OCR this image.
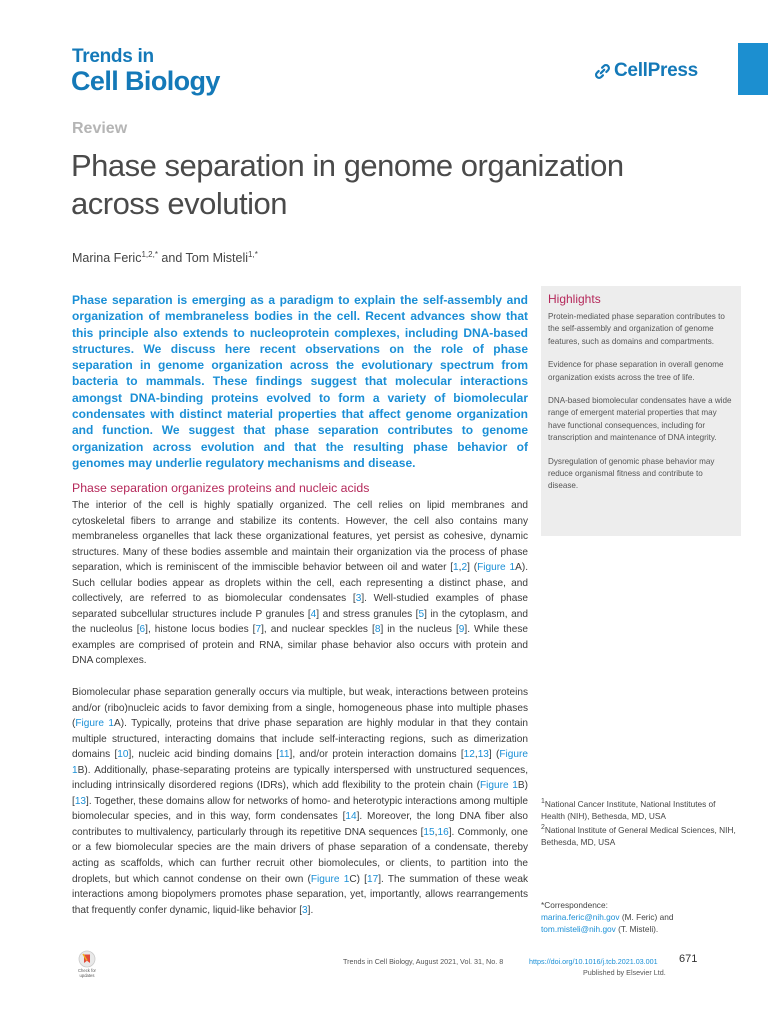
Trends in
Cell Biology	CellPress
Review
Phase separation in genome organization across evolution
Marina Feric$^{1,2,*}$ and Tom Misteli$^{1,*}$

Phase separation is emerging as a paradigm to explain the self-assembly and organization of membraneless bodies in the cell. Recent advances show that this principle also extends to nucleoprotein complexes, including DNA-based structures. We discuss here recent observations on the role of phase separation in genome organization across the evolutionary spectrum from bacteria to mammals. These findings suggest that molecular interactions amongst DNA-binding proteins evolved to form a variety of biomolecular condensates with distinct material properties that affect genome organization and function. We suggest that phase separation contributes to genome organization across evolution and that the resulting phase behavior of genomes may underlie regulatory mechanisms and disease.

Phase separation organizes proteins and nucleic acids

The interior of the cell is highly spatially organized. The cell relies on lipid membranes and cytoskeletal fibers to arrange and stabilize its contents. However, the cell also contains many membraneless organelles that lack these organizational features, yet persist as cohesive, dynamic structures. Many of these bodies assemble and maintain their organization via the process of phase separation, which is reminiscent of the immiscible behavior between oil and water [1,2] (Figure 1A). Such cellular bodies appear as droplets within the cell, each representing a distinct phase, and collectively, are referred to as biomolecular condensates [3]. Well-studied examples of phase separated subcellular structures include P granules [4] and stress granules [5] in the cytoplasm, and the nucleolus [6], histone locus bodies [7], and nuclear speckles [8] in the nucleus [9]. While these examples are comprised of protein and RNA, similar phase behavior also occurs with protein and DNA complexes.

Biomolecular phase separation generally occurs via multiple, but weak, interactions between proteins and/or (ribo)nucleic acids to favor demixing from a single, homogeneous phase into multiple phases (Figure 1A). Typically, proteins that drive phase separation are highly modular in that they contain multiple structured, interacting domains that include self-interacting regions, such as dimerization domains [10], nucleic acid binding domains [11], and/or protein interaction domains [12,13] (Figure 1B). Additionally, phase-separating proteins are typically interspersed with unstructured sequences, including intrinsically disordered regions (IDRs), which add flexibility to the protein chain (Figure 1B) [13]. Together, these domains allow for networks of homo- and heterotypic interactions among multiple biomolecular species, and in this way, form condensates [14]. Moreover, the long DNA fiber also contributes to multivalency, particularly through its repetitive DNA sequences [15,16]. Commonly, one or a few biomolecular species are the main drivers of phase separation of a condensate, thereby acting as scaffolds, which can further recruit other biomolecules, or clients, to partition into the droplets, but which cannot condense on their own (Figure 1C) [17]. The summation of these weak interactions among biopolymers promotes phase separation, yet, importantly, allows rearrangements that frequently confer dynamic, liquid-like behavior [3].

Highlights
Protein-mediated phase separation contributes to the self-assembly and organization of genome features, such as domains and compartments.
Evidence for phase separation in overall genome organization exists across the tree of life.
DNA-based biomolecular condensates have a wide range of emergent material properties that may have functional consequences, including for transcription and maintenance of DNA integrity.
Dysregulation of genomic phase behavior may reduce organismal fitness and contribute to disease.

$^1$National Cancer Institute, National Institutes of Health (NIH), Bethesda, MD, USA

$^2$National Institute of General Medical Sciences, NIH, Bethesda, MD, USA

*Correspondence:

marina.feric@nih.gov (M. Feric) and

tom.misteli@nih.gov (T. Misteli).

Check for updates
Trends in Cell Biology, August 2021, Vol. 31, No. 8	https://doi.org/10.1016/j.tcb.2021.03.001 671
Published by Elsevier Ltd.
